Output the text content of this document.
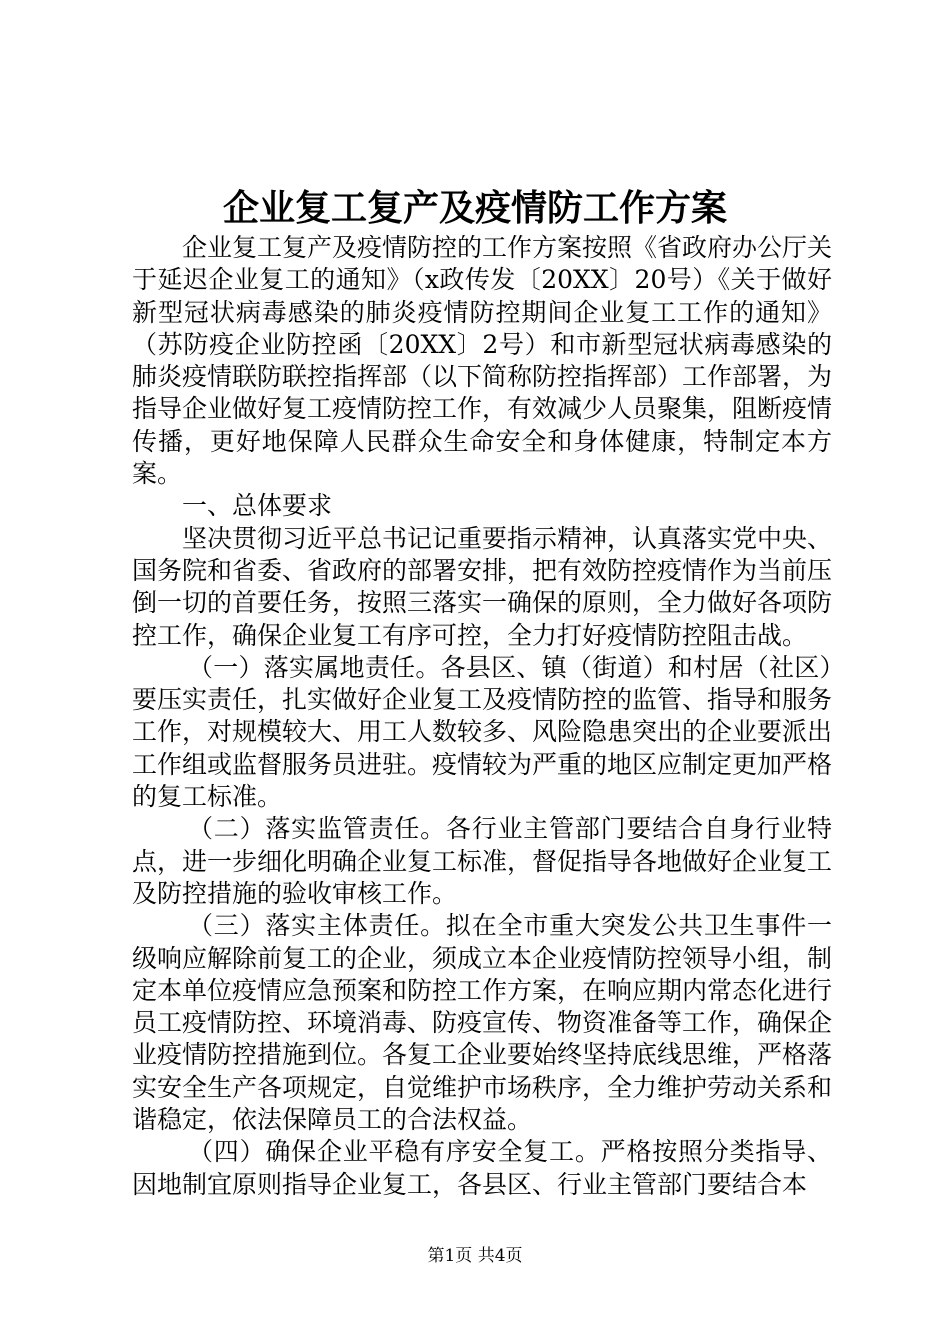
企业复工复产及疫情防工作方案

企业复工复产及疫情防控的工作方案按照《省政府办公厅关于延迟企业复工的通知》（x政传发〔20XX〕20号）《关于做好新型冠状病毒感染的肺炎疫情防控期间企业复工工作的通知》（苏防疫企业防控函〔20XX〕2号）和市新型冠状病毒感染的肺炎疫情联防联控指挥部（以下简称防控指挥部）工作部署，为指导企业做好复工疫情防控工作，有效减少人员聚集，阻断疫情传播，更好地保障人民群众生命安全和身体健康，特制定本方案。

一、总体要求

坚决贯彻习近平总书记记重要指示精神，认真落实党中央、国务院和省委、省政府的部署安排，把有效防控疫情作为当前压倒一切的首要任务，按照三落实一确保的原则，全力做好各项防控工作，确保企业复工有序可控，全力打好疫情防控阻击战。

（一）落实属地责任。各县区、镇（街道）和村居（社区）要压实责任，扎实做好企业复工及疫情防控的监管、指导和服务工作，对规模较大、用工人数较多、风险隐患突出的企业要派出工作组或监督服务员进驻。疫情较为严重的地区应制定更加严格的复工标准。

（二）落实监管责任。各行业主管部门要结合自身行业特点，进一步细化明确企业复工标准，督促指导各地做好企业复工及防控措施的验收审核工作。

（三）落实主体责任。拟在全市重大突发公共卫生事件一级响应解除前复工的企业，须成立本企业疫情防控领导小组，制定本单位疫情应急预案和防控工作方案，在响应期内常态化进行员工疫情防控、环境消毒、防疫宣传、物资准备等工作，确保企业疫情防控措施到位。各复工企业要始终坚持底线思维，严格落实安全生产各项规定，自觉维护市场秩序，全力维护劳动关系和谐稳定，依法保障员工的合法权益。

（四）确保企业平稳有序安全复工。严格按照分类指导、因地制宜原则指导企业复工，各县区、行业主管部门要结合本

第1页 共4页
